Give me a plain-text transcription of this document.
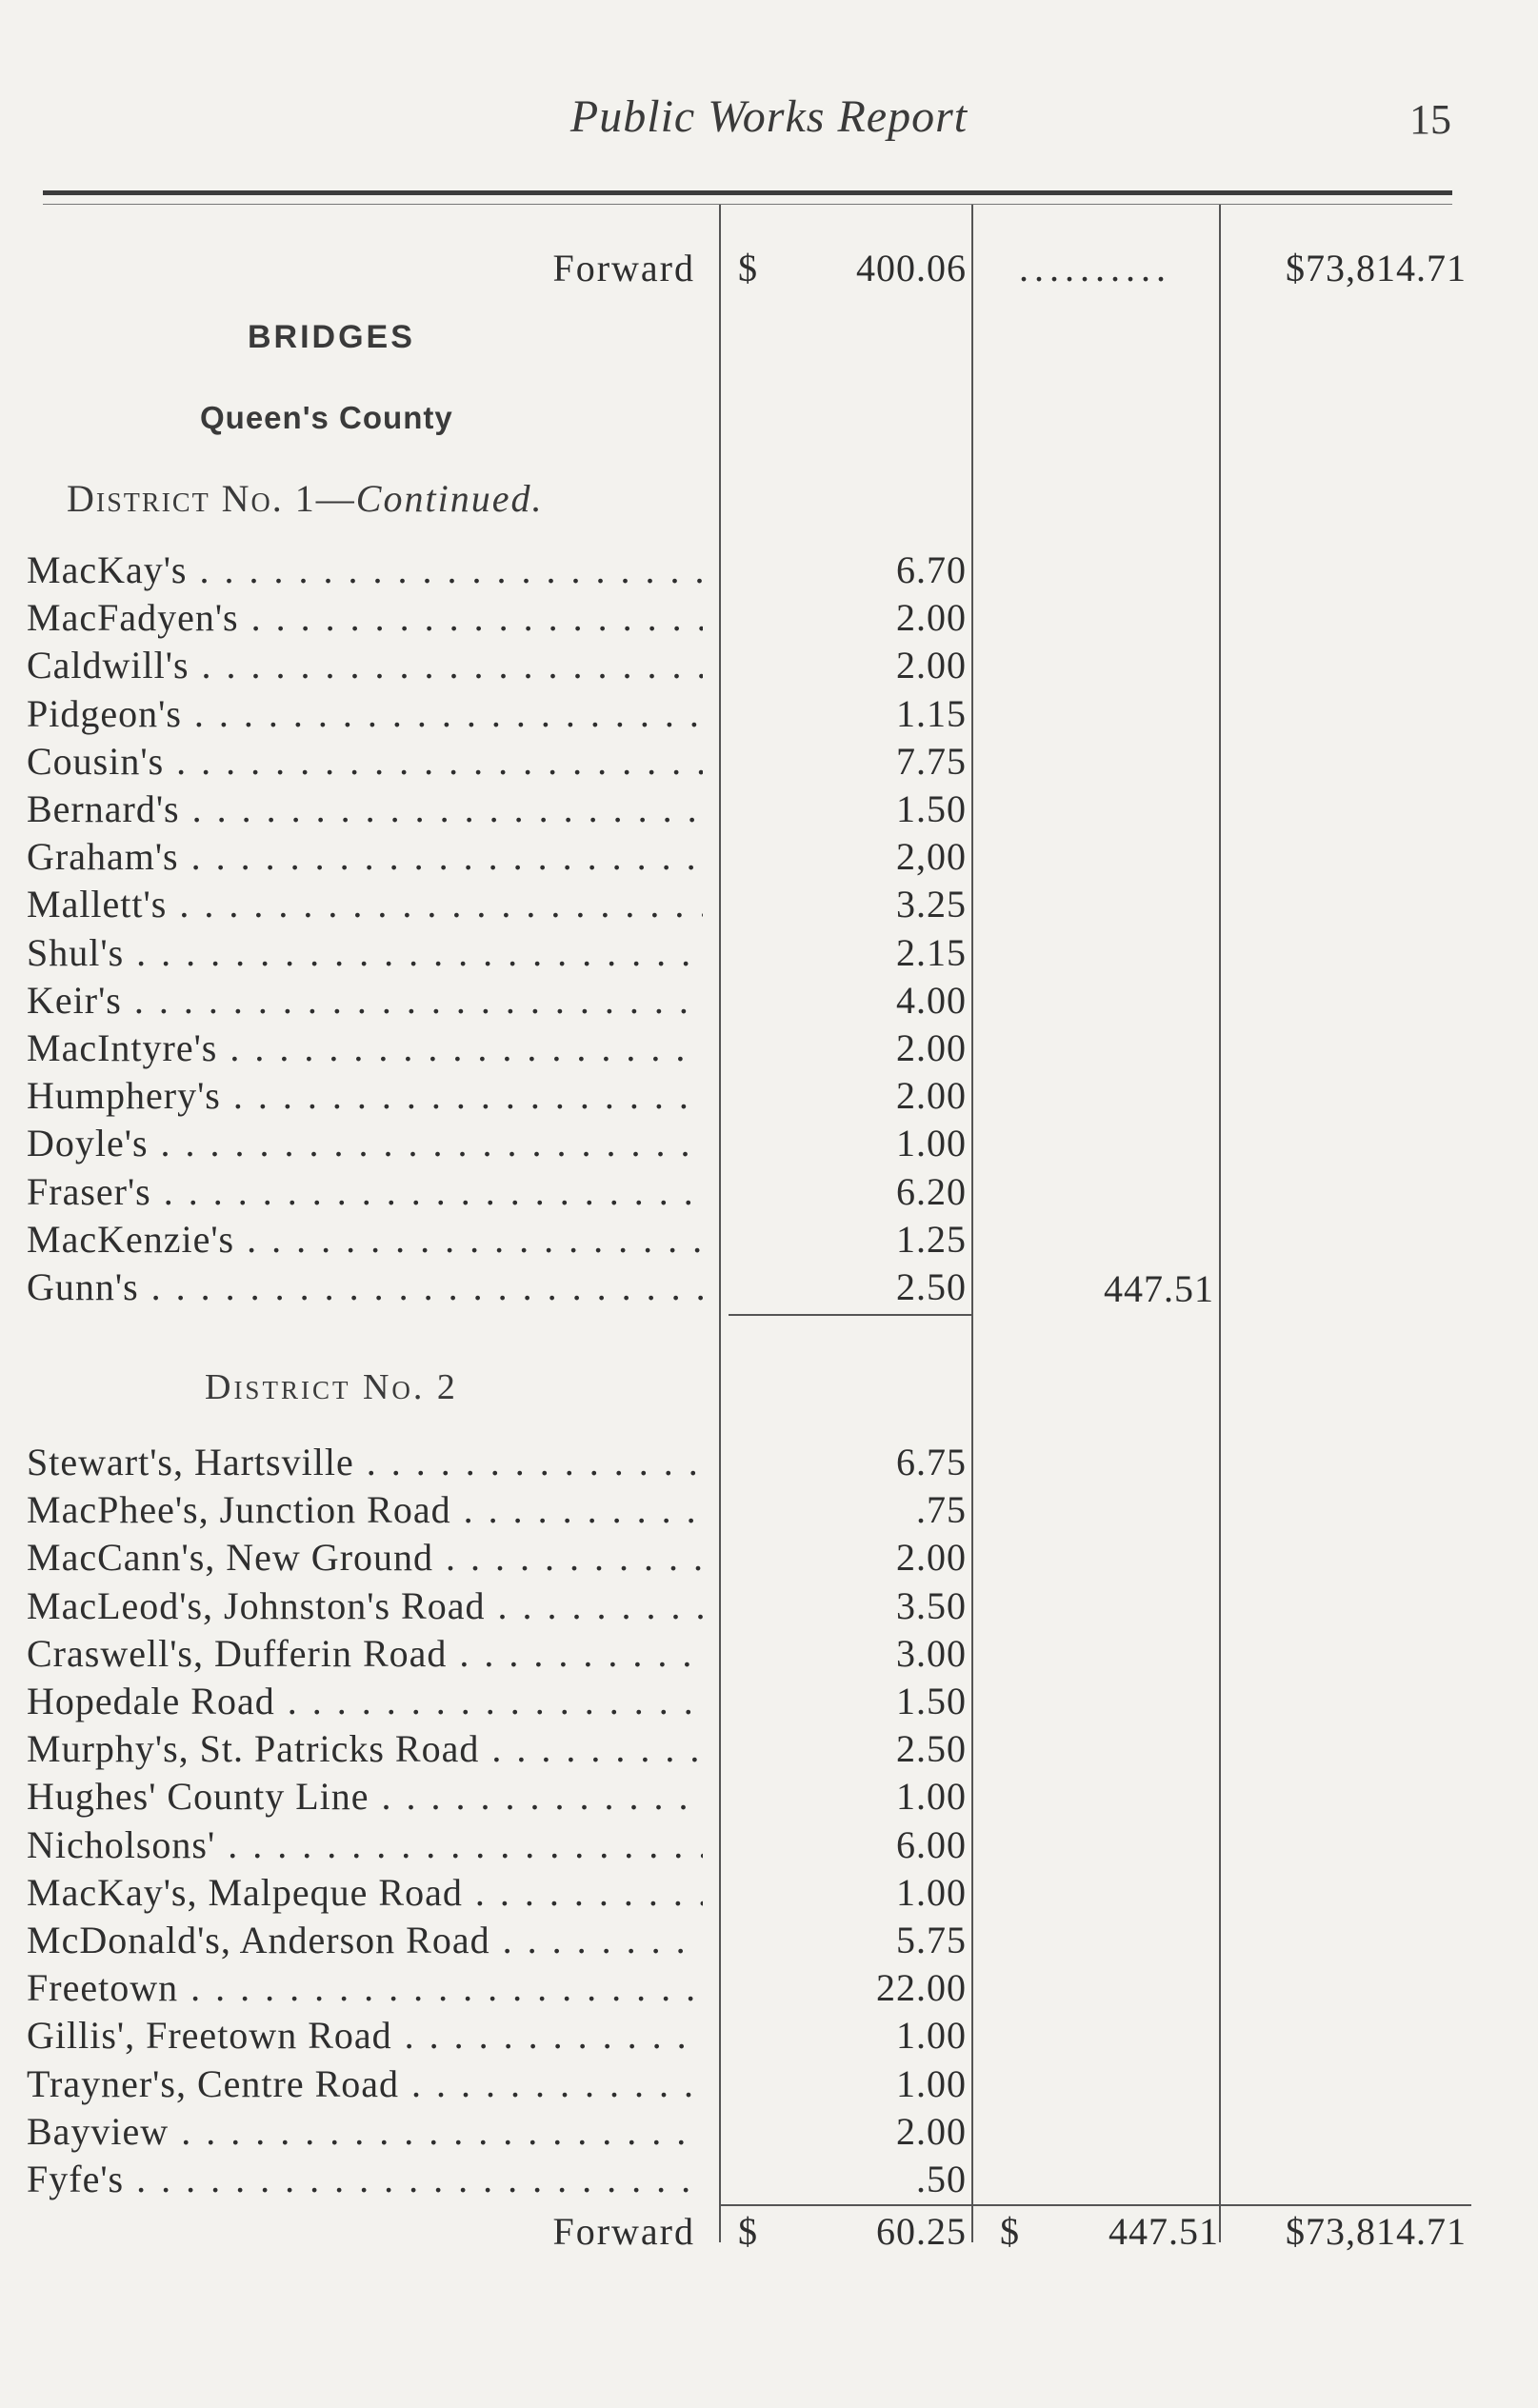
Public Works Report	15
Forward $	400.06	..........	$73,814.71
BRIDGES
Queen's County
District No. 1—Continued.
MacKay's . . .	6.70
MacFadyen's . . .	2.00
Caldwill's . . .	2.00
Pidgeon's . . .	1.15
Cousin's . . .	7.75
Bernard's . . .	1.50
Graham's . . .	2,00
Mallett's . . .	3.25
Shul's . . .	2.15
Keir's . . .	4.00
MacIntyre's . . .	2.00
Humphery's . . .	2.00
Doyle's . . .	1.00
Fraser's . . .	6.20
MacKenzie's . . .	1.25
Gunn's . . .	2.50	447.51
District No. 2
Stewart's, Hartsville . . .	6.75
MacPhee's, Junction Road . . .	.75
MacCann's, New Ground . . .	2.00
MacLeod's, Johnston's Road . . .	3.50
Craswell's, Dufferin Road . . .	3.00
Hopedale Road . . .	1.50
Murphy's, St. Patricks Road . . .	2.50
Hughes' County Line . . .	1.00
Nicholsons' . . .	6.00
MacKay's, Malpeque Road . . .	1.00
McDonald's, Anderson Road . . .	5.75
Freetown . . .	22.00
Gillis', Freetown Road . . .	1.00
Trayner's, Centre Road . . .	1.00
Bayview . . .	2.00
Fyfe's . . .	.50
Forward $	60.25 $	447.51	$73,814.71
